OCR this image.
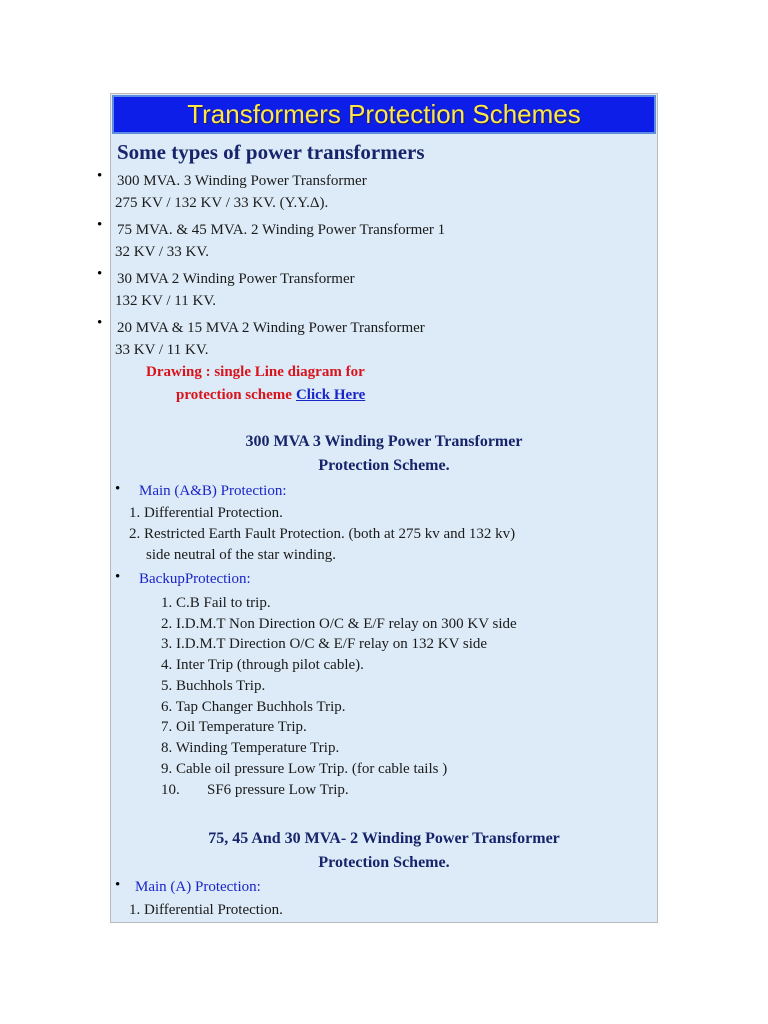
Transformers Protection Schemes
Some types of power transformers
• 300 MVA. 3 Winding Power Transformer
275 KV / 132 KV / 33 KV. (Y.Y.Δ).
• 75 MVA. & 45 MVA. 2 Winding Power Transformer 1
32 KV / 33 KV.
• 30 MVA 2 Winding Power Transformer
132 KV / 11 KV.
• 20 MVA & 15 MVA 2 Winding Power Transformer
33 KV / 11 KV.
Drawing : single Line diagram for
protection scheme Click Here
300 MVA 3 Winding Power Transformer
Protection Scheme.
• Main (A&B) Protection:
1. Differential Protection.
2. Restricted Earth Fault Protection. (both at 275 kv and 132 kv)
side neutral of the star winding.
• BackupProtection:
1. C.B Fail to trip.
2. I.D.M.T Non Direction O/C & E/F relay on 300 KV side
3. I.D.M.T Direction O/C & E/F relay on 132 KV side
4. Inter Trip (through pilot cable).
5. Buchhols Trip.
6. Tap Changer Buchhols Trip.
7. Oil Temperature Trip.
8. Winding Temperature Trip.
9. Cable oil pressure Low Trip. (for cable tails )
10. SF6 pressure Low Trip.
75, 45 And 30 MVA- 2 Winding Power Transformer
Protection Scheme.
• Main (A) Protection:
1. Differential Protection.
